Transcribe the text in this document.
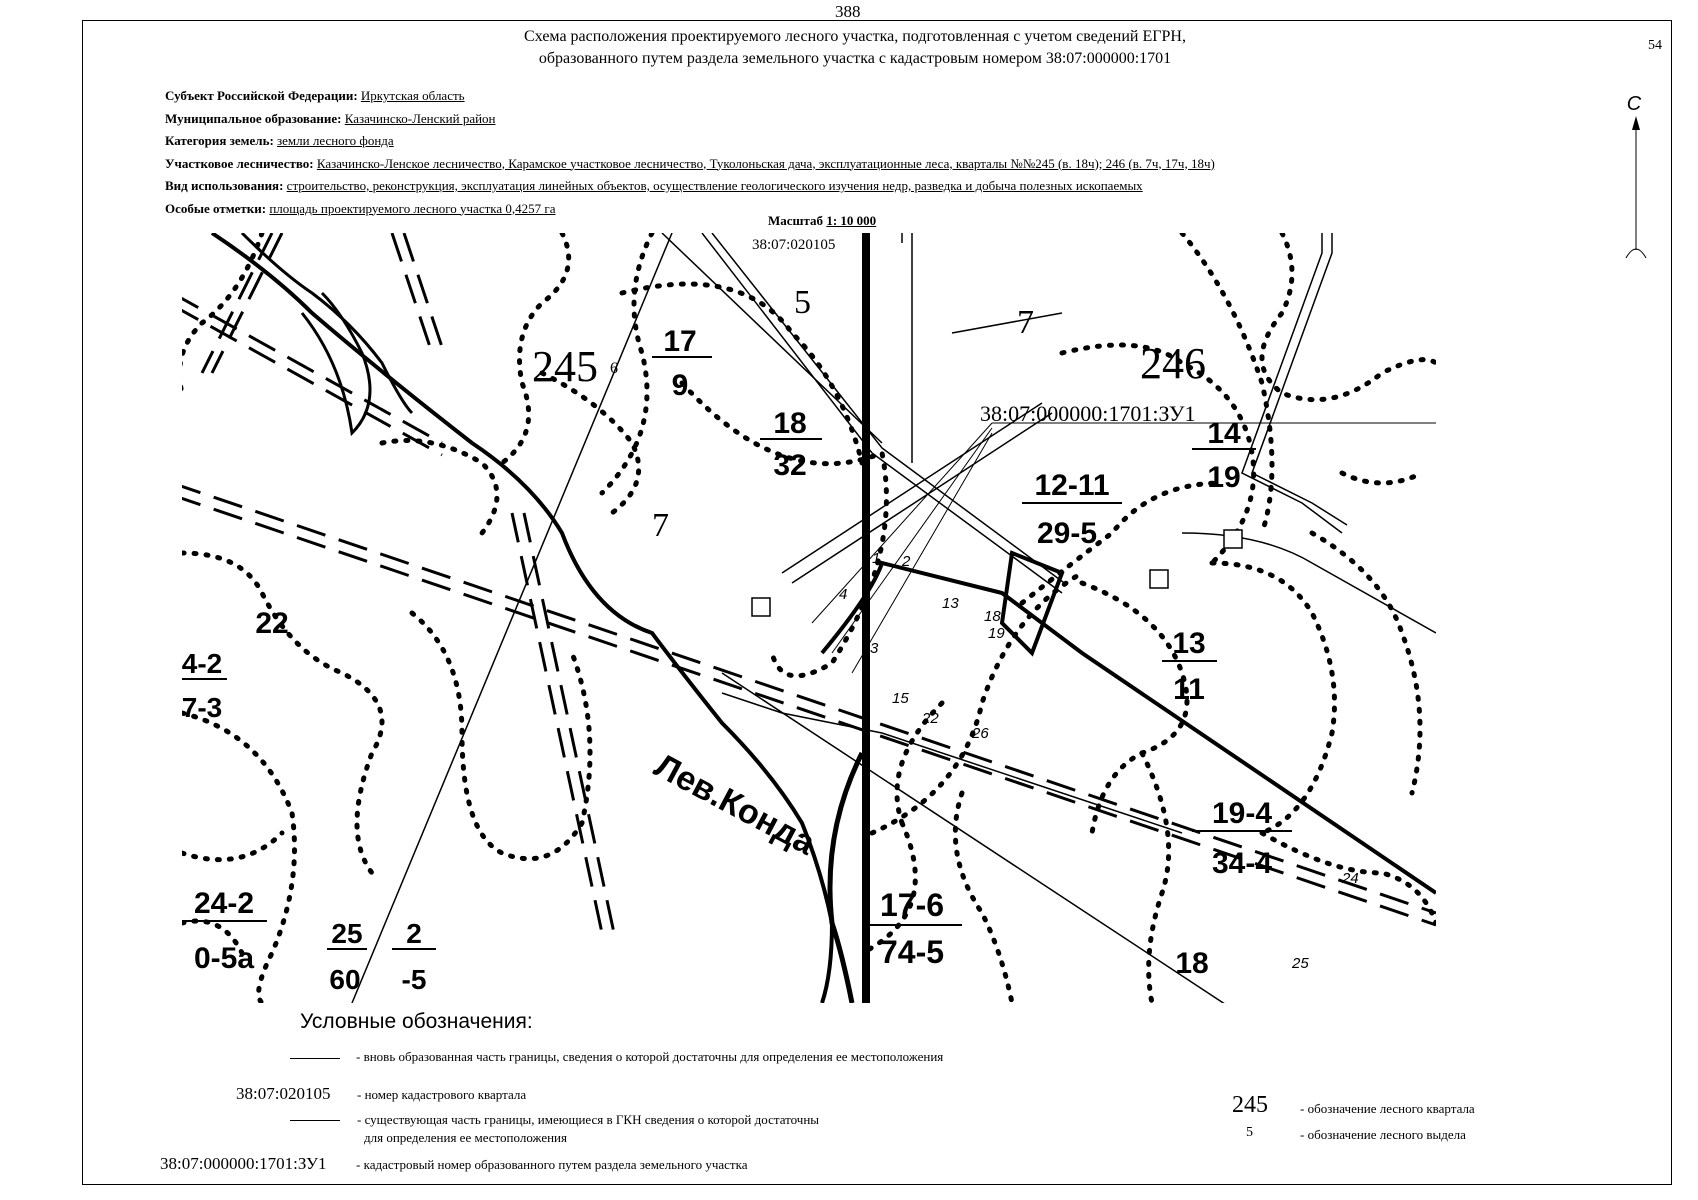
388
54
Схема расположения проектируемого лесного участка, подготовленная с учетом сведений ЕГРН,
образованного путем раздела земельного участка с кадастровым номером 38:07:000000:1701
Субъект Российской Федерации: Иркутская область
Муниципальное образование: Казачинско-Ленский район
Категория земель: земли лесного фонда
Участковое лесничество: Казачинско-Ленское лесничество, Карамское участковое лесничество, Туколоньская дача, эксплуатационные леса, кварталы №№245 (в. 18ч); 246 (в. 7ч, 17ч, 18ч)
Вид использования: строительство, реконструкция, эксплуатация линейных объектов, осуществление геологического изучения недр, разведка и добыча полезных ископаемых
Особые отметки: площадь проектируемого лесного участка 0,4257 га
Масштаб 1: 10 000
С
38:07:020105
38:07:000000:1701:ЗУ1
245	246
5
7
7
6
17
9
18
32
12-11
29-5
14
19
13
11
19-4
34-4
17-6
74-5
24-2
0-5а
25
60
2
-5
4-2
7-3
22
18
Лев.Конда
1 2
3
4
13
15
18
19
22
24
25
26
Условные обозначения:
- вновь образованная часть границы, сведения о которой достаточны для определения ее местоположения
38:07:020105 - номер кадастрового квартала
- существующая часть границы, имеющиеся в ГКН сведения о которой достаточны
для определения ее местоположения
38:07:000000:1701:ЗУ1 - кадастровый номер образованного путем раздела земельного участка
245 - обозначение лесного квартала
5	- обозначение лесного выдела
